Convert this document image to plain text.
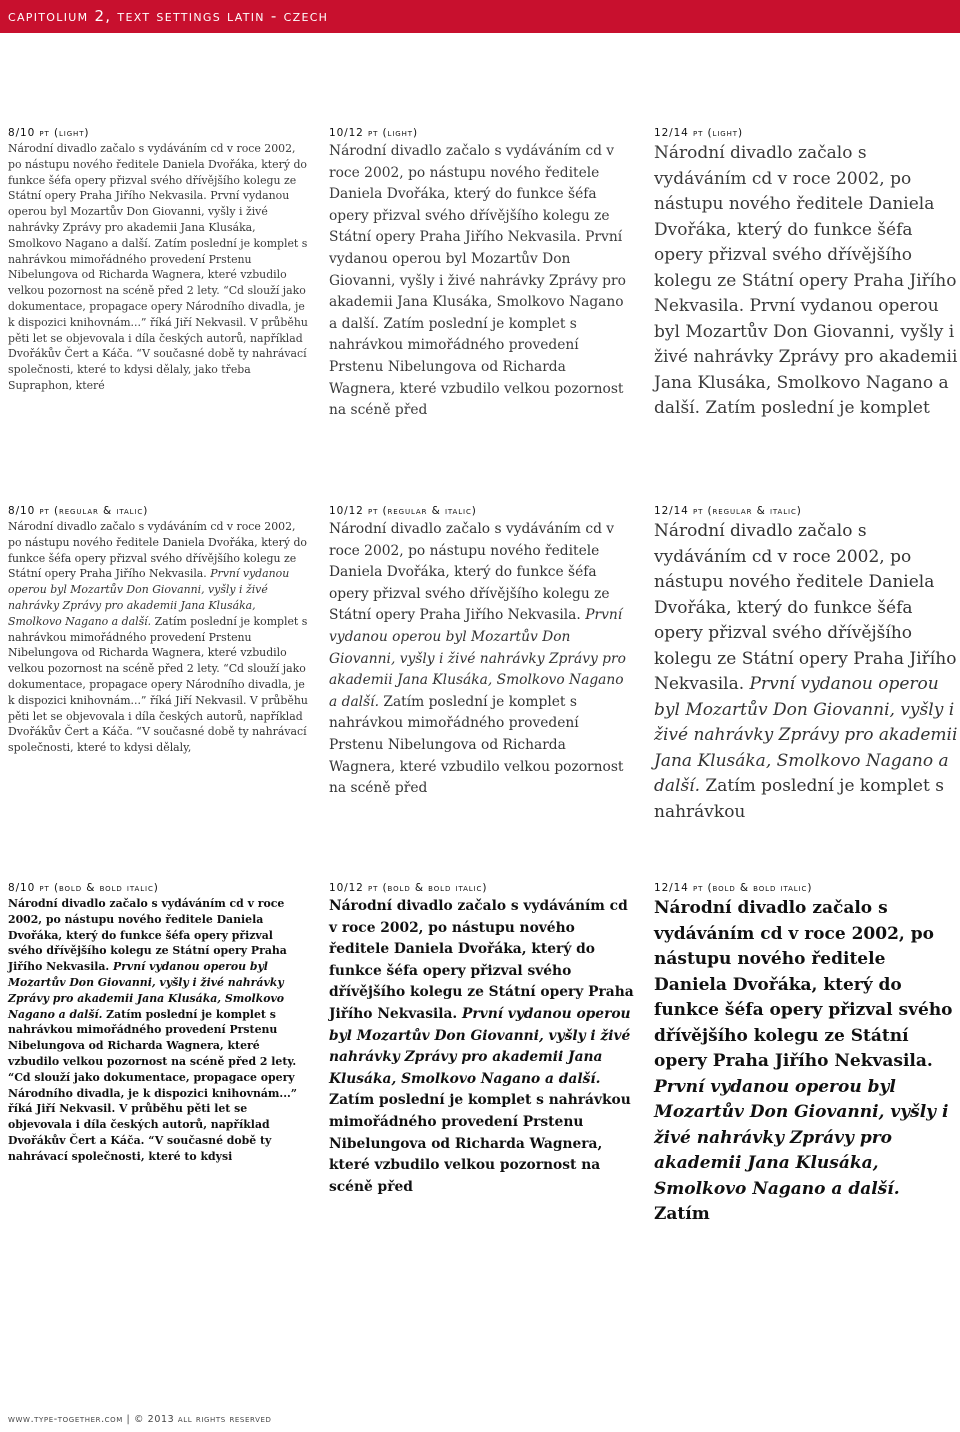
capitolium 2, text settings latin - czech
8/10 pt (light)
Národní divadlo začalo s vydáváním cd v roce 2002, po nástupu nového ředitele Daniela Dvořáka, který do funkce šéfa opery přizval svého dřívějšího kolegu ze Státní opery Praha Jiřího Nekvasila. První vydanou operou byl Mozartův Don Giovanni, vyšly i živé nahrávky Zprávy pro akademii Jana Klusáka, Smolkovo Nagano a další. Zatím poslední je komplet s nahrávkou mimořádného provedení Prstenu Nibelungova od Richarda Wagnera, které vzbudilo velkou pozornost na scéně před 2 lety. “Cd slouží jako dokumentace, propagace opery Národního divadla, je k dispozici knihovnám...” říká Jiří Nekvasil. V průběhu pěti let se objevovala i díla českých autorů, například Dvořákův Čert a Káča. “V současné době ty nahrávací společnosti, které to kdysi dělaly, jako třeba Supraphon, které
10/12 pt (light)
Národní divadlo začalo s vydáváním cd v roce 2002, po nástupu nového ředitele Daniela Dvořáka, který do funkce šéfa opery přizval svého dřívějšího kolegu ze Státní opery Praha Jiřího Nekvasila. První vydanou operou byl Mozartův Don Giovanni, vyšly i živé nahrávky Zprávy pro akademii Jana Klusáka, Smolkovo Nagano a další. Zatím poslední je komplet s nahrávkou mimořádného provedení Prstenu Nibelungova od Richarda Wagnera, které vzbudilo velkou pozornost na scéně před
12/14 pt (light)
Národní divadlo začalo s vydáváním cd v roce 2002, po nástupu nového ředitele Daniela Dvořáka, který do funkce šéfa opery přizval svého dřívějšího kolegu ze Státní opery Praha Jiřího Nekvasila. První vydanou operou byl Mozartův Don Giovanni, vyšly i živé nahrávky Zprávy pro akademii Jana Klusáka, Smolkovo Nagano a další. Zatím poslední je komplet
8/10 pt (regular & italic)
Národní divadlo začalo s vydáváním cd v roce 2002, po nástupu nového ředitele Daniela Dvořáka, který do funkce šéfa opery přizval svého dřívějšího kolegu ze Státní opery Praha Jiřího Nekvasila. První vydanou operou byl Mozartův Don Giovanni, vyšly i živé nahrávky Zprávy pro akademii Jana Klusáka, Smolkovo Nagano a další. Zatím poslední je komplet s nahrávkou mimořádného provedení Prstenu Nibelungova od Richarda Wagnera, které vzbudilo velkou pozornost na scéně před 2 lety. “Cd slouží jako dokumentace, propagace opery Národního divadla, je k dispozici knihovnám...” říká Jiří Nekvasil. V průběhu pěti let se objevovala i díla českých autorů, například Dvořákův Čert a Káča. “V současné době ty nahrávací společnosti, které to kdysi dělaly,
10/12 pt (regular & italic)
Národní divadlo začalo s vydáváním cd v roce 2002, po nástupu nového ředitele Daniela Dvořáka, který do funkce šéfa opery přizval svého dřívějšího kolegu ze Státní opery Praha Jiřího Nekvasila. První vydanou operou byl Mozartův Don Giovanni, vyšly i živé nahrávky Zprávy pro akademii Jana Klusáka, Smolkovo Nagano a další. Zatím poslední je komplet s nahrávkou mimořádného provedení Prstenu Nibelungova od Richarda Wagnera, které vzbudilo velkou pozornost na scéně před
12/14 pt (regular & italic)
Národní divadlo začalo s vydáváním cd v roce 2002, po nástupu nového ředitele Daniela Dvořáka, který do funkce šéfa opery přizval svého dřívějšího kolegu ze Státní opery Praha Jiřího Nekvasila. První vydanou operou byl Mozartův Don Giovanni, vyšly i živé nahrávky Zprávy pro akademii Jana Klusáka, Smolkovo Nagano a další. Zatím poslední je komplet s nahrávkou
8/10 pt (bold & bold italic)
Národní divadlo začalo s vydáváním cd v roce 2002, po nástupu nového ředitele Daniela Dvořáka, který do funkce šéfa opery přizval svého dřívějšího kolegu ze Státní opery Praha Jiřího Nekvasila. První vydanou operou byl Mozartův Don Giovanni, vyšly i živé nahrávky Zprávy pro akademii Jana Klusáka, Smolkovo Nagano a další. Zatím poslední je komplet s nahrávkou mimořádného provedení Prstenu Nibelungova od Richarda Wagnera, které vzbudilo velkou pozornost na scéně před 2 lety. “Cd slouží jako dokumentace, propagace opery Národního divadla, je k dispozici knihovnám...” říká Jiří Nekvasil. V průběhu pěti let se objevovala i díla českých autorů, například Dvořákův Čert a Káča. “V současné době ty nahrávací společnosti, které to kdysi
10/12 pt (bold & bold italic)
Národní divadlo začalo s vydáváním cd v roce 2002, po nástupu nového ředitele Daniela Dvořáka, který do funkce šéfa opery přizval svého dřívějšího kolegu ze Státní opery Praha Jiřího Nekvasila. První vydanou operou byl Mozartův Don Giovanni, vyšly i živé nahrávky Zprávy pro akademii Jana Klusáka, Smolkovo Nagano a další. Zatím poslední je komplet s nahrávkou mimořádného provedení Prstenu Nibelungova od Richarda Wagnera, které vzbudilo velkou pozornost na scéně před
12/14 pt (bold & bold italic)
Národní divadlo začalo s vydáváním cd v roce 2002, po nástupu nového ředitele Daniela Dvořáka, který do funkce šéfa opery přizval svého dřívějšího kolegu ze Státní opery Praha Jiřího Nekvasila. První vydanou operou byl Mozartův Don Giovanni, vyšly i živé nahrávky Zprávy pro akademii Jana Klusáka, Smolkovo Nagano a další. Zatím
www.type-together.com | © 2013 all rights reserved
